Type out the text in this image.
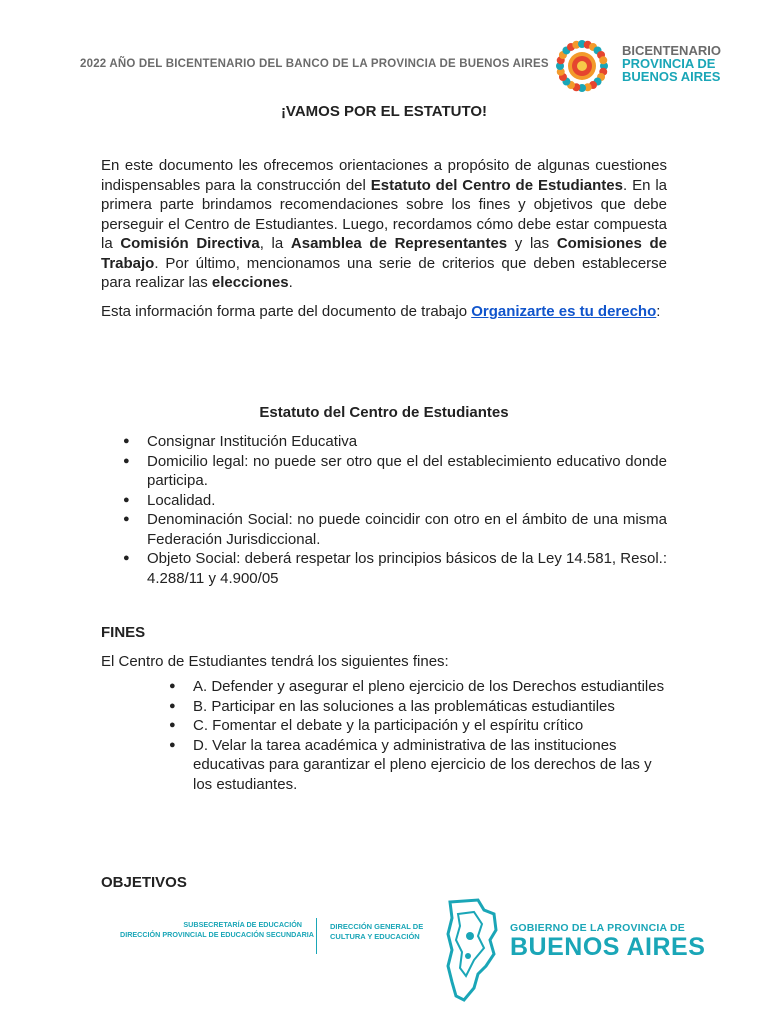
2022 AÑO DEL BICENTENARIO DEL BANCO DE LA PROVINCIA DE BUENOS AIRES
BICENTENARIO
PROVINCIA DE
BUENOS AIRES
¡VAMOS POR EL ESTATUTO!

En este documento les ofrecemos orientaciones a propósito de algunas cuestiones indispensables para la construcción del Estatuto del Centro de Estudiantes. En la primera parte brindamos recomendaciones sobre los fines y objetivos que debe perseguir el Centro de Estudiantes. Luego, recordamos cómo debe estar compuesta la Comisión Directiva, la Asamblea de Representantes y las Comisiones de Trabajo. Por último, mencionamos una serie de criterios que deben establecerse para realizar las elecciones.

Esta información forma parte del documento de trabajo Organizarte es tu derecho:

Estatuto del Centro de Estudiantes
● Consignar Institución Educativa
● Domicilio legal: no puede ser otro que el del establecimiento educativo donde participa.
● Localidad.
● Denominación Social: no puede coincidir con otro en el ámbito de una misma Federación Jurisdiccional.
● Objeto Social: deberá respetar los principios básicos de la Ley 14.581, Resol.: 4.288/11 y 4.900/05
FINES
El Centro de Estudiantes tendrá los siguientes fines:
● A. Defender y asegurar el pleno ejercicio de los Derechos estudiantiles
● B. Participar en las soluciones a las problemáticas estudiantiles
● C. Fomentar el debate y la participación y el espíritu crítico
● D. Velar la tarea académica y administrativa de las instituciones educativas para garantizar el pleno ejercicio de los derechos de las y los estudiantes.
OBJETIVOS
SUBSECRETARÍA DE EDUCACIÓN
DIRECCIÓN PROVINCIAL DE EDUCACIÓN SECUNDARIA
DIRECCIÓN GENERAL DE
CULTURA Y EDUCACIÓN
GOBIERNO DE LA PROVINCIA DE
BUENOS AIRES
